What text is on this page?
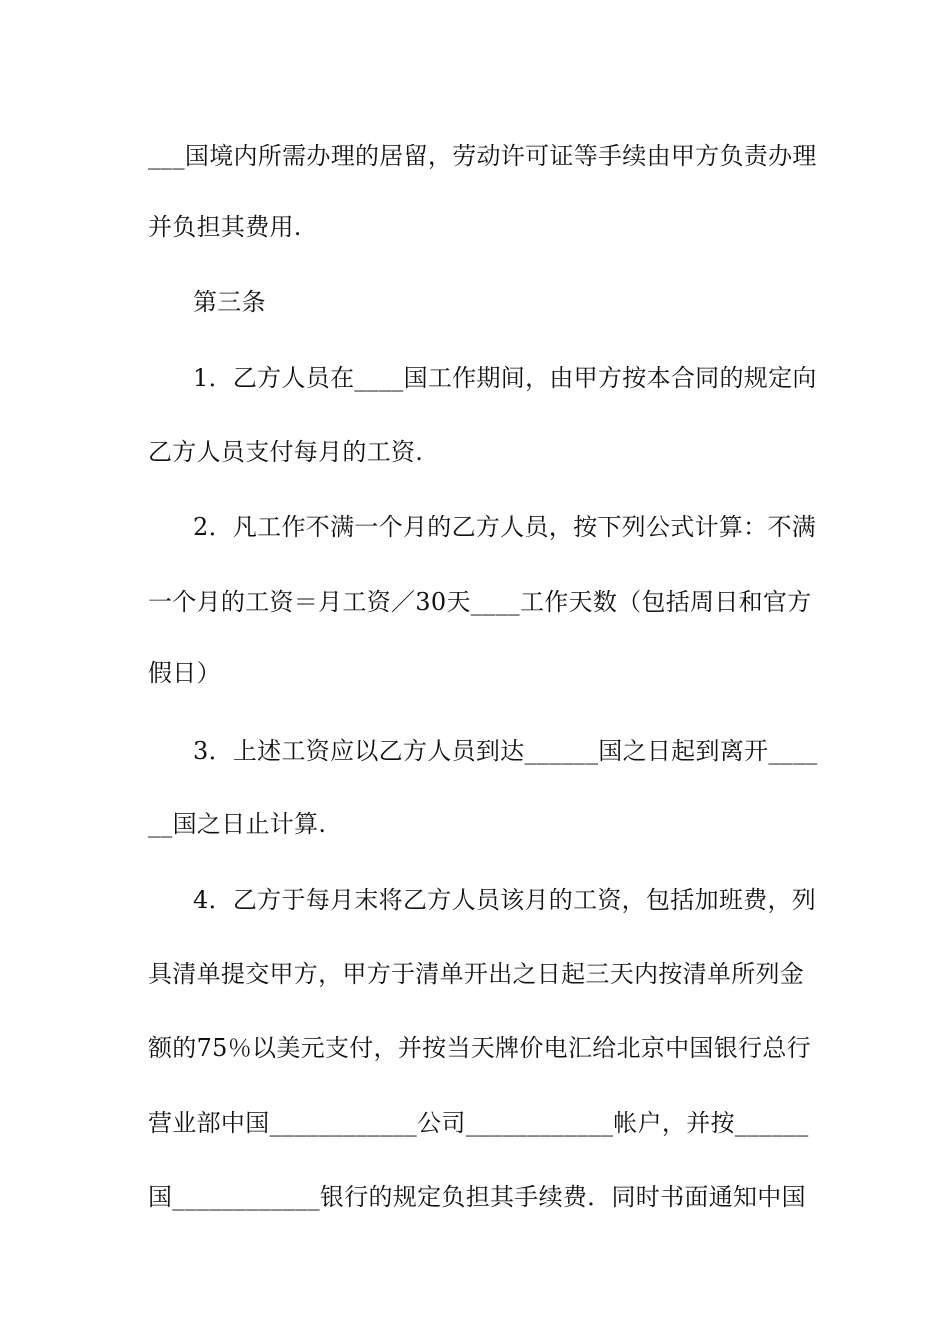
___国境内所需办理的居留，劳动许可证等手续由甲方负责办理
并负担其费用.
第三条
1．乙方人员在____国工作期间，由甲方按本合同的规定向
乙方人员支付每月的工资.
2．凡工作不满一个月的乙方人员，按下列公式计算：不满
一个月的工资＝月工资／30天____工作天数（包括周日和官方
假日）
3．上述工资应以乙方人员到达______国之日起到离开____
__国之日止计算.
4．乙方于每月末将乙方人员该月的工资，包括加班费，列
具清单提交甲方，甲方于清单开出之日起三天内按清单所列金
额的75％以美元支付，并按当天牌价电汇给北京中国银行总行
营业部中国____________公司____________帐户，并按______
国____________银行的规定负担其手续费．同时书面通知中国
